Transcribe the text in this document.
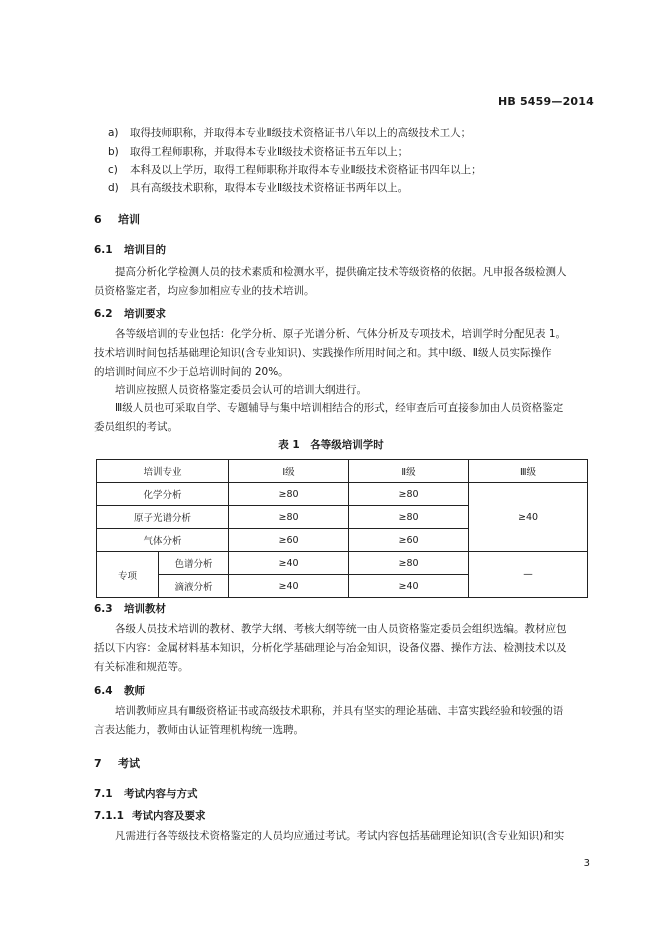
HB 5459—2014
a) 取得技师职称，并取得本专业Ⅱ级技术资格证书八年以上的高级技术工人；
b) 取得工程师职称，并取得本专业Ⅱ级技术资格证书五年以上；
c) 本科及以上学历，取得工程师职称并取得本专业Ⅱ级技术资格证书四年以上；
d) 具有高级技术职称，取得本专业Ⅱ级技术资格证书两年以上。
6 培训
6.1 培训目的
提高分析化学检测人员的技术素质和检测水平，提供确定技术等级资格的依据。凡申报各级检测人
员资格鉴定者，均应参加相应专业的技术培训。
6.2 培训要求
各等级培训的专业包括：化学分析、原子光谱分析、气体分析及专项技术，培训学时分配见表 1。
技术培训时间包括基础理论知识(含专业知识)、实践操作所用时间之和。其中Ⅰ级、Ⅱ级人员实际操作
的培训时间应不少于总培训时间的 20%。
培训应按照人员资格鉴定委员会认可的培训大纲进行。
Ⅲ级人员也可采取自学、专题辅导与集中培训相结合的形式，经审查后可直接参加由人员资格鉴定
委员组织的考试。
表 1　各等级培训学时
培训专业		Ⅰ级	Ⅱ级	Ⅲ级
化学分析		≥80	≥80	≥40
原子光谱分析		≥80	≥80	
气体分析		≥60	≥60	
专项	色谱分析	≥40	≥80	—
	滴液分析	≥40	≥40	
6.3 培训教材
各级人员技术培训的教材、教学大纲、考核大纲等统一由人员资格鉴定委员会组织选编。教材应包
括以下内容：金属材料基本知识，分析化学基础理论与冶金知识，设备仪器、操作方法、检测技术以及
有关标准和规范等。
6.4 教师
培训教师应具有Ⅲ级资格证书或高级技术职称，并具有坚实的理论基础、丰富实践经验和较强的语
言表达能力，教师由认证管理机构统一选聘。
7 考试
7.1 考试内容与方式
7.1.1 考试内容及要求
凡需进行各等级技术资格鉴定的人员均应通过考试。考试内容包括基础理论知识(含专业知识)和实
3
